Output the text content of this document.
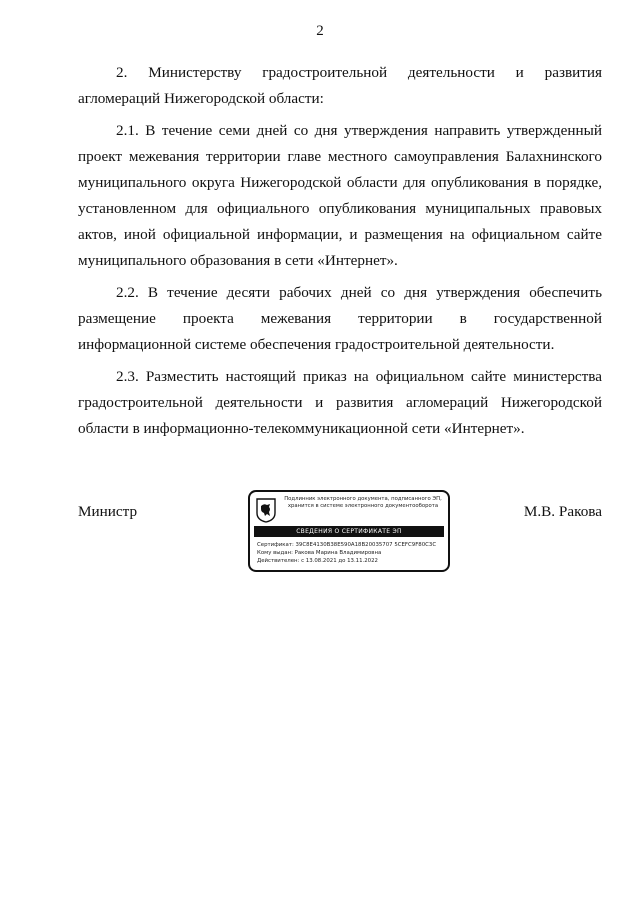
2

2. Министерству градостроительной деятельности и развития агломераций Нижегородской области:

2.1. В течение семи дней со дня утверждения направить утвержденный проект межевания территории главе местного самоуправления Балахнинского муниципального округа Нижегородской области для опубликования в порядке, установленном для официального опубликования муниципальных правовых актов, иной официальной информации, и размещения на официальном сайте муниципального образования в сети «Интернет».

2.2. В течение десяти рабочих дней со дня утверждения обеспечить размещение проекта межевания территории в государственной информационной системе обеспечения градостроительной деятельности.

2.3. Разместить настоящий приказ на официальном сайте министерства градостроительной деятельности и развития агломераций Нижегородской области в информационно-телекоммуникационной сети «Интернет».

Министр
Подлинник электронного документа, подписанного ЭП,
хранится в системе электронного документооборота
СВЕДЕНИЯ О СЕРТИФИКАТЕ ЭП
Сертификат: 39C8E4130B38E590A18B20035707 5CEFC9F80C3C
Кому выдан: Ракова Марина Владимировна
Действителен: с 13.08.2021 до 13.11.2022
М.В. Ракова
